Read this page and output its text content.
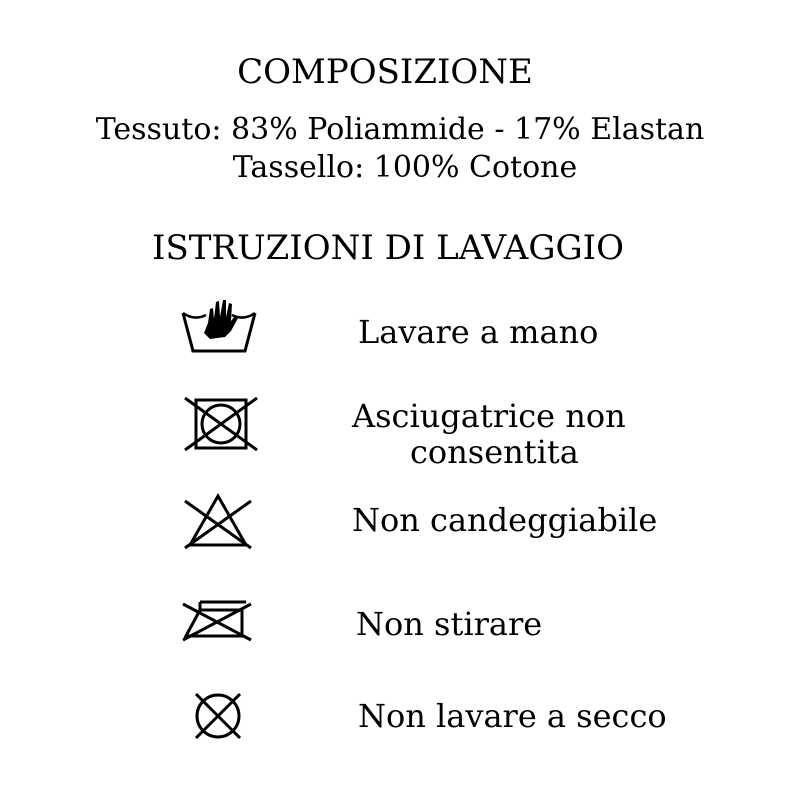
COMPOSIZIONE
Tessuto: 83% Poliammide - 17% Elastan
Tassello: 100% Cotone
ISTRUZIONI DI LAVAGGIO
Lavare a mano
Asciugatrice non
consentita
Non candeggiabile
Non stirare
Non lavare a secco
